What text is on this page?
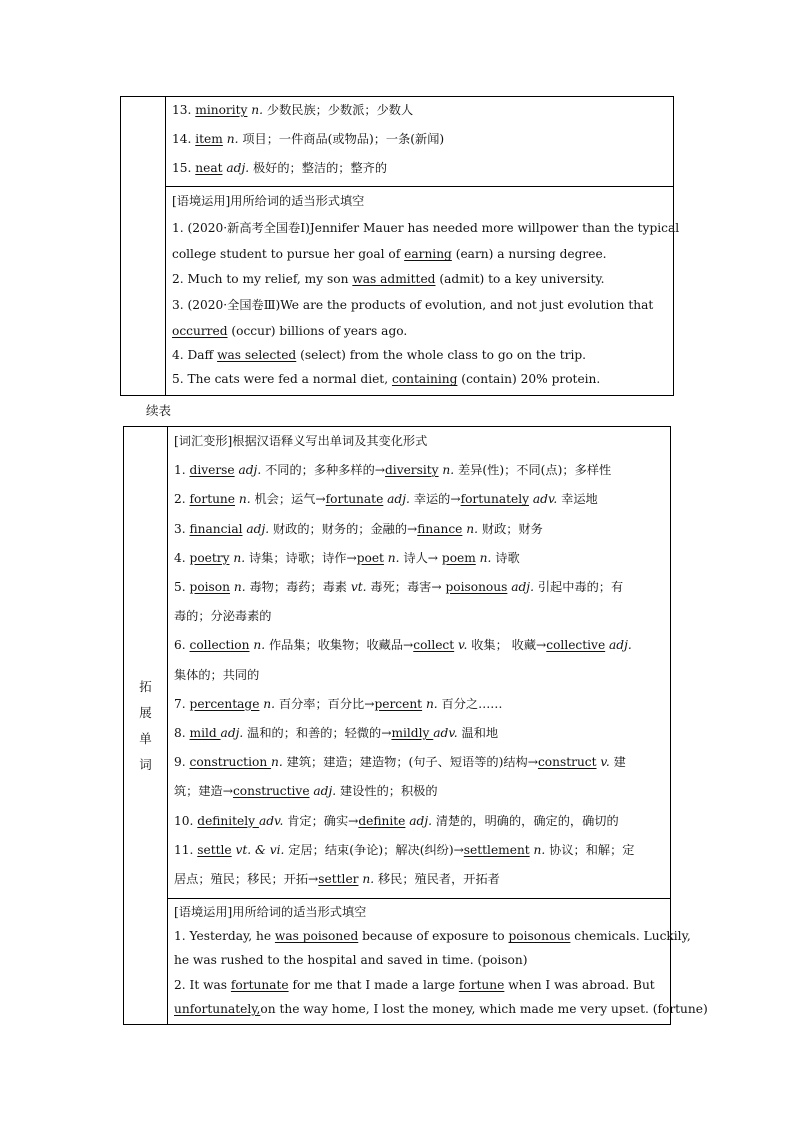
13. minority n. 少数民族；少数派；少数人
14. item n. 项目；一件商品(或物品)；一条(新闻)
15. neat adj. 极好的；整洁的；整齐的
[语境运用]用所给词的适当形式填空
1. (2020·新高考全国卷Ⅰ)Jennifer Mauer has needed more willpower than the typical
college student to pursue her goal of earning (earn) a nursing degree.
2. Much to my relief, my son was admitted (admit) to a key university.
3. (2020·全国卷Ⅲ)We are the products of evolution, and not just evolution that
occurred (occur) billions of years ago.
4. Daff was selected (select) from the whole class to go on the trip.
5. The cats were fed a normal diet, containing (contain) 20% protein.
续表
拓
展
单
词
[词汇变形]根据汉语释义写出单词及其变化形式
1. diverse adj. 不同的；多种多样的→diversity n. 差异(性)；不同(点)；多样性
2. fortune n. 机会；运气→fortunate adj. 幸运的→fortunately adv. 幸运地
3. financial adj. 财政的；财务的；金融的→finance n. 财政；财务
4. poetry n. 诗集；诗歌；诗作→poet n. 诗人→ poem n. 诗歌
5. poison n. 毒物；毒药；毒素 vt. 毒死；毒害→ poisonous adj. 引起中毒的；有
毒的；分泌毒素的
6. collection n. 作品集；收集物；收藏品→collect v. 收集； 收藏→collective adj.
集体的；共同的
7. percentage n. 百分率；百分比→percent n. 百分之……
8. mild adj. 温和的；和善的；轻微的→mildly adv. 温和地
9. construction n. 建筑；建造；建造物；(句子、短语等的)结构→construct v. 建
筑；建造→constructive adj. 建设性的；积极的
10. definitely adv. 肯定；确实→definite adj. 清楚的，明确的，确定的，确切的
11. settle vt. & vi. 定居；结束(争论)；解决(纠纷)→settlement n. 协议；和解；定
居点；殖民；移民；开拓→settler n. 移民；殖民者，开拓者
[语境运用]用所给词的适当形式填空
1. Yesterday, he was poisoned because of exposure to poisonous chemicals. Luckily,
he was rushed to the hospital and saved in time. (poison)
2. It was fortunate for me that I made a large fortune when I was abroad. But
unfortunately,on the way home, I lost the money, which made me very upset. (fortune)
